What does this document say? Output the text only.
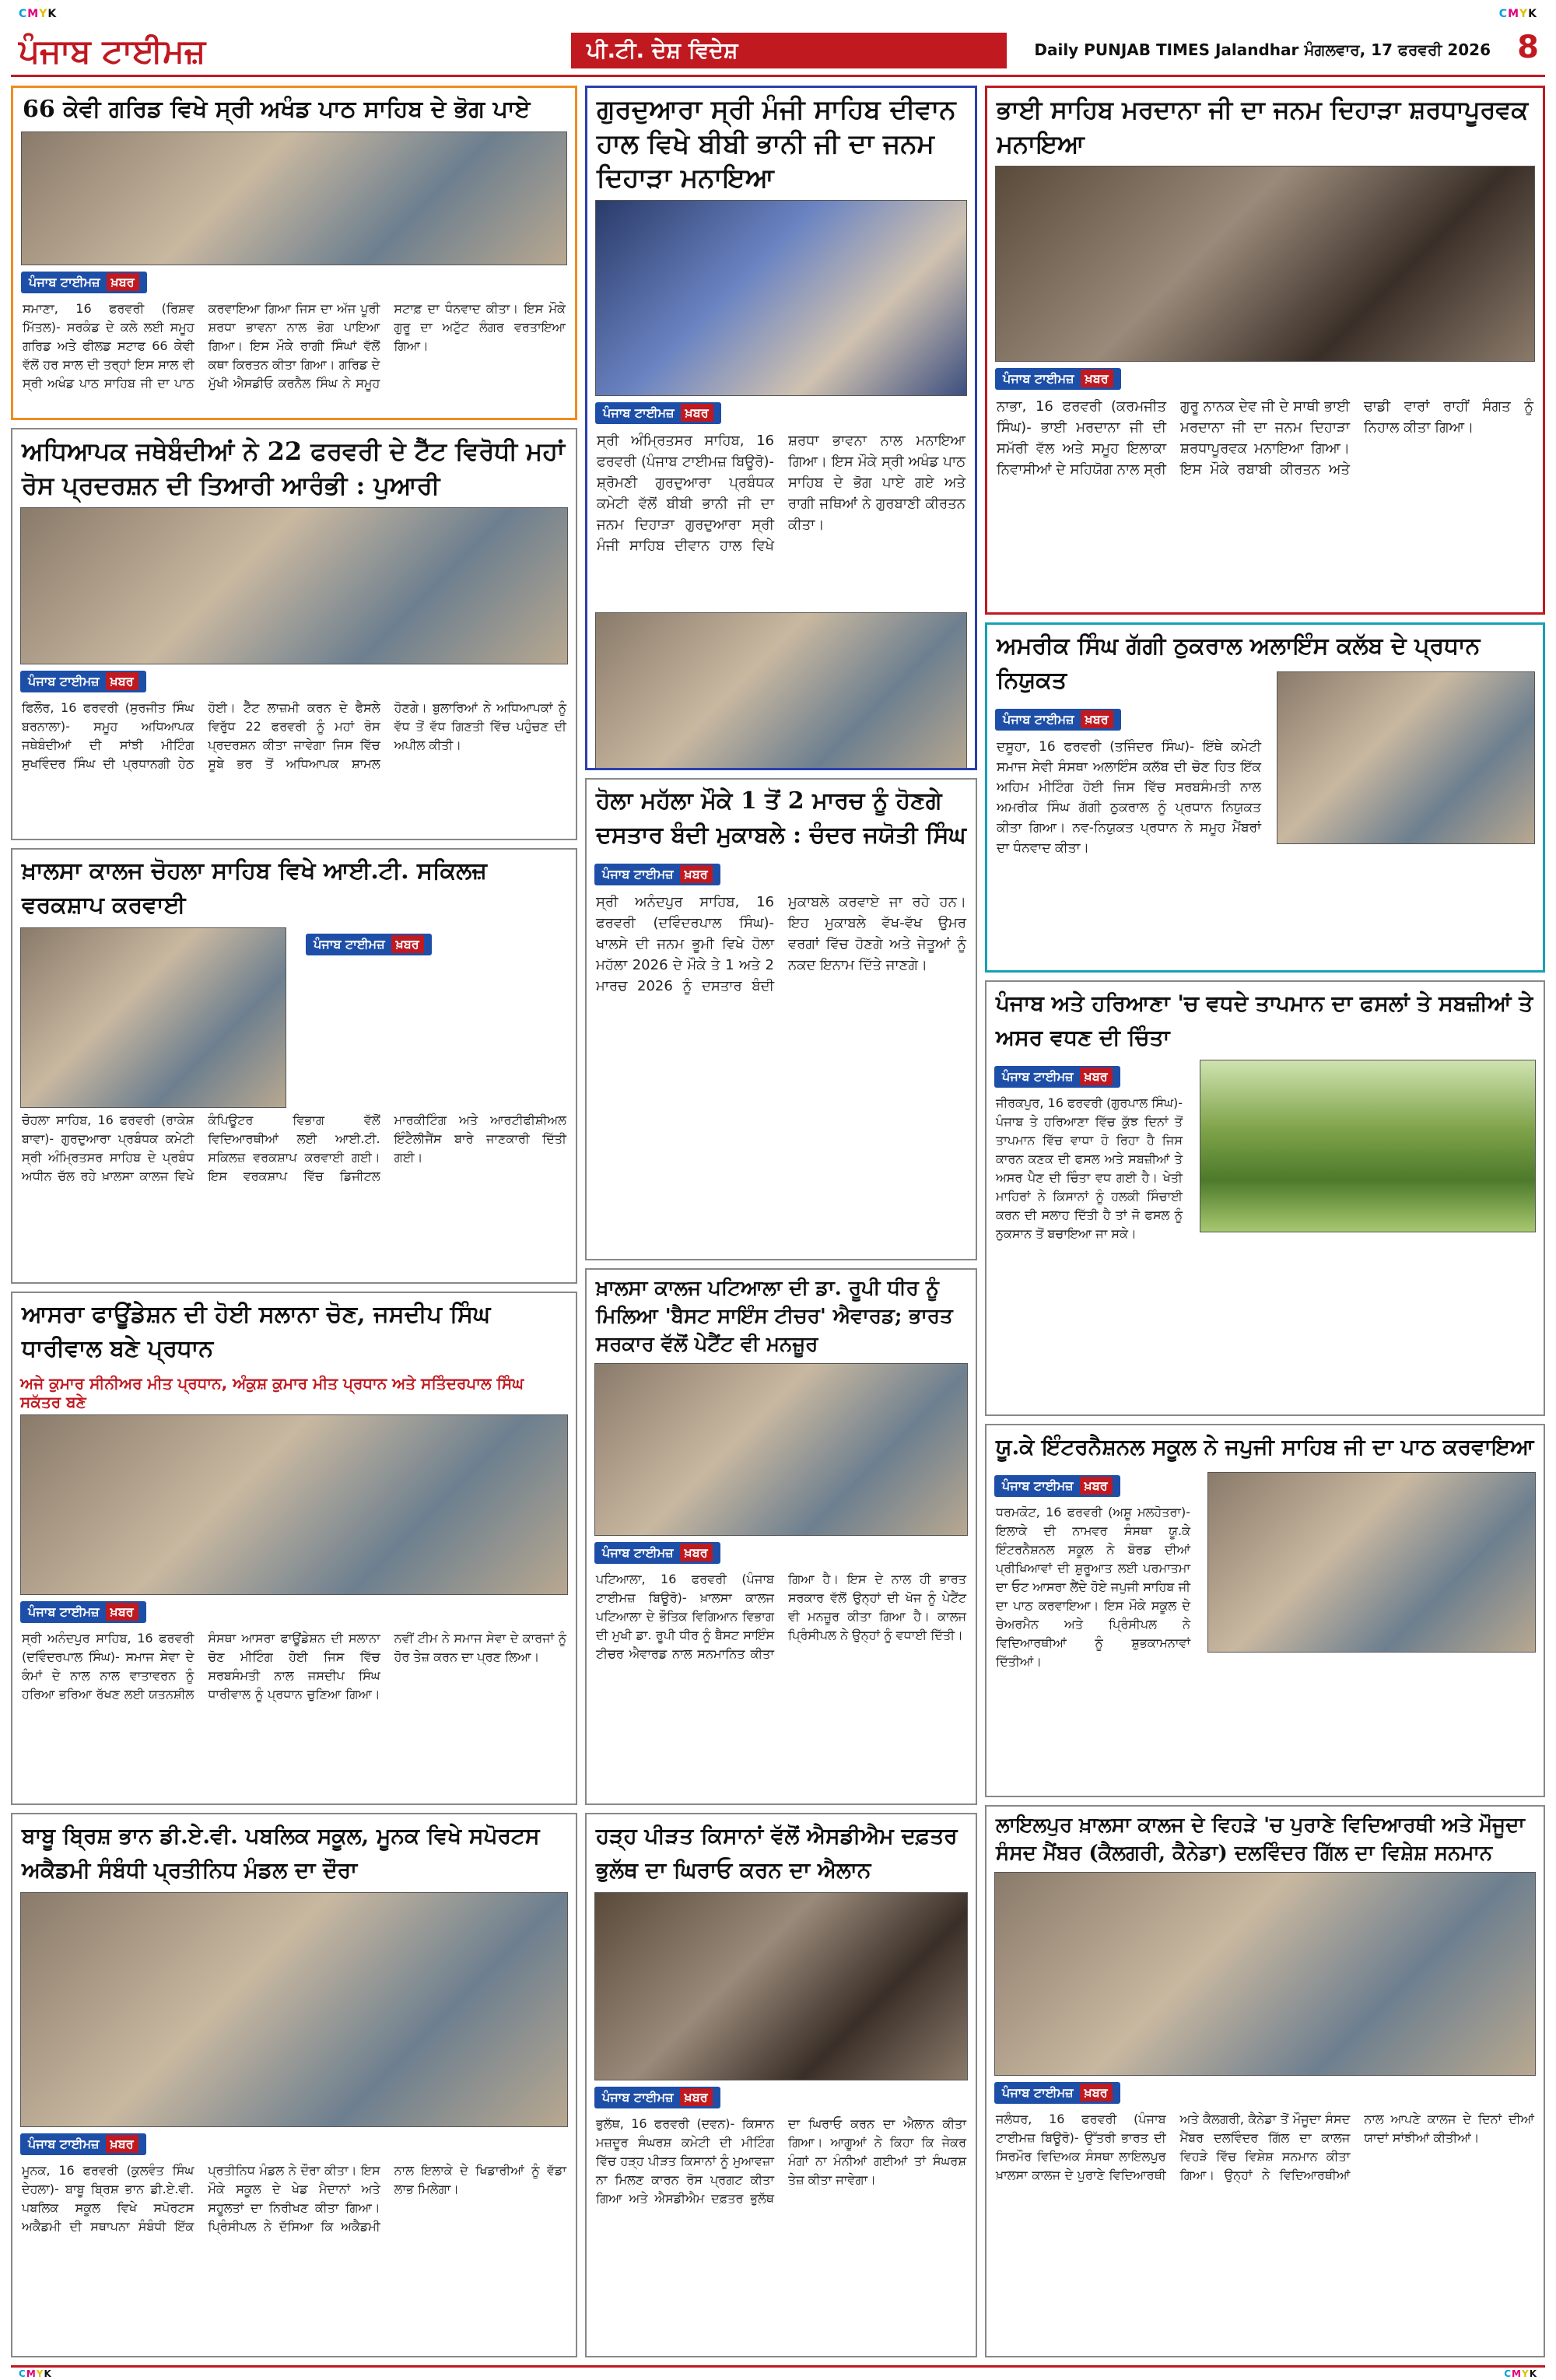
CMYK	CMYK
ਪੰਜਾਬ ਟਾਈਮਜ਼	ਪੀ.ਟੀ. ਦੇਸ਼ ਵਿਦੇਸ਼	Daily PUNJAB TIMES Jalandhar ਮੰਗਲਵਾਰ, 17 ਫਰਵਰੀ 2026 8
66 ਕੇਵੀ ਗਰਿਡ ਵਿਖੇ ਸ੍ਰੀ ਅਖੰਡ ਪਾਠ ਸਾਹਿਬ ਦੇ ਭੋਗ ਪਾਏ
ਪੰਜਾਬ ਟਾਈਮਜ਼ ਖ਼ਬਰ
ਸਮਾਣਾ, 16 ਫਰਵਰੀ (ਰਿਸ਼ਵ ਮਿੱਤਲ)- ਸਰਕੰਡ ਦੇ ਕਲੇ ਲਈ ਸਮੂਹ ਗਰਿਡ ਅਤੇ ਫੀਲਡ ਸਟਾਫ 66 ਕੇਵੀ ਵੱਲੋਂ ਹਰ ਸਾਲ ਦੀ ਤਰ੍ਹਾਂ ਇਸ ਸਾਲ ਵੀ ਸ੍ਰੀ ਅਖੰਡ ਪਾਠ ਸਾਹਿਬ ਜੀ ਦਾ ਪਾਠ ਕਰਵਾਇਆ ਗਿਆ ਜਿਸ ਦਾ ਅੱਜ ਪੂਰੀ ਸ਼ਰਧਾ ਭਾਵਨਾ ਨਾਲ ਭੋਗ ਪਾਇਆ ਗਿਆ। ਇਸ ਮੌਕੇ ਰਾਗੀ ਸਿੰਘਾਂ ਵੱਲੋਂ ਕਥਾ ਕਿਰਤਨ ਕੀਤਾ ਗਿਆ। ਗਰਿਡ ਦੇ ਮੁੱਖੀ ਐਸਡੀਓ ਕਰਨੈਲ ਸਿੰਘ ਨੇ ਸਮੂਹ ਸਟਾਫ਼ ਦਾ ਧੰਨਵਾਦ ਕੀਤਾ। ਇਸ ਮੌਕੇ ਗੁਰੂ ਦਾ ਅਟੁੱਟ ਲੰਗਰ ਵਰਤਾਇਆ ਗਿਆ।
ਗੁਰਦੁਆਰਾ ਸ੍ਰੀ ਮੰਜੀ ਸਾਹਿਬ ਦੀਵਾਨ ਹਾਲ ਵਿਖੇ ਬੀਬੀ ਭਾਨੀ ਜੀ ਦਾ ਜਨਮ ਦਿਹਾੜਾ ਮਨਾਇਆ
ਪੰਜਾਬ ਟਾਈਮਜ਼ ਖ਼ਬਰ
ਸ੍ਰੀ ਅੰਮ੍ਰਿਤਸਰ ਸਾਹਿਬ, 16 ਫਰਵਰੀ (ਪੰਜਾਬ ਟਾਈਮਜ਼ ਬਿਊਰੋ)- ਸ਼੍ਰੋਮਣੀ ਗੁਰਦੁਆਰਾ ਪ੍ਰਬੰਧਕ ਕਮੇਟੀ ਵੱਲੋਂ ਬੀਬੀ ਭਾਨੀ ਜੀ ਦਾ ਜਨਮ ਦਿਹਾੜਾ ਗੁਰਦੁਆਰਾ ਸ੍ਰੀ ਮੰਜੀ ਸਾਹਿਬ ਦੀਵਾਨ ਹਾਲ ਵਿਖੇ ਸ਼ਰਧਾ ਭਾਵਨਾ ਨਾਲ ਮਨਾਇਆ ਗਿਆ। ਇਸ ਮੌਕੇ ਸ੍ਰੀ ਅਖੰਡ ਪਾਠ ਸਾਹਿਬ ਦੇ ਭੋਗ ਪਾਏ ਗਏ ਅਤੇ ਰਾਗੀ ਜਥਿਆਂ ਨੇ ਗੁਰਬਾਣੀ ਕੀਰਤਨ ਕੀਤਾ।
ਭਾਈ ਸਾਹਿਬ ਮਰਦਾਨਾ ਜੀ ਦਾ ਜਨਮ ਦਿਹਾੜਾ ਸ਼ਰਧਾਪੂਰਵਕ ਮਨਾਇਆ
ਪੰਜਾਬ ਟਾਈਮਜ਼ ਖ਼ਬਰ
ਨਾਭਾ, 16 ਫਰਵਰੀ (ਕਰਮਜੀਤ ਸਿੰਘ)- ਭਾਈ ਮਰਦਾਨਾ ਜੀ ਦੀ ਸਮੱਰੀ ਵੱਲ ਅਤੇ ਸਮੂਹ ਇਲਾਕਾ ਨਿਵਾਸੀਆਂ ਦੇ ਸਹਿਯੋਗ ਨਾਲ ਸ੍ਰੀ ਗੁਰੂ ਨਾਨਕ ਦੇਵ ਜੀ ਦੇ ਸਾਥੀ ਭਾਈ ਮਰਦਾਨਾ ਜੀ ਦਾ ਜਨਮ ਦਿਹਾੜਾ ਸ਼ਰਧਾਪੂਰਵਕ ਮਨਾਇਆ ਗਿਆ। ਇਸ ਮੌਕੇ ਰਬਾਬੀ ਕੀਰਤਨ ਅਤੇ ਢਾਡੀ ਵਾਰਾਂ ਰਾਹੀਂ ਸੰਗਤ ਨੂੰ ਨਿਹਾਲ ਕੀਤਾ ਗਿਆ।
ਅਧਿਆਪਕ ਜਥੇਬੰਦੀਆਂ ਨੇ 22 ਫਰਵਰੀ ਦੇ ਟੈੱਟ ਵਿਰੋਧੀ ਮਹਾਂ ਰੋਸ ਪ੍ਰਦਰਸ਼ਨ ਦੀ ਤਿਆਰੀ ਆਰੰਭੀ : ਪੁਆਰੀ
ਪੰਜਾਬ ਟਾਈਮਜ਼ ਖ਼ਬਰ
ਫਿਲੌਰ, 16 ਫਰਵਰੀ (ਸੁਰਜੀਤ ਸਿੰਘ ਬਰਨਾਲਾ)- ਸਮੂਹ ਅਧਿਆਪਕ ਜਥੇਬੰਦੀਆਂ ਦੀ ਸਾਂਝੀ ਮੀਟਿੰਗ ਸੁਖਵਿੰਦਰ ਸਿੰਘ ਦੀ ਪ੍ਰਧਾਨਗੀ ਹੇਠ ਹੋਈ। ਟੈੱਟ ਲਾਜ਼ਮੀ ਕਰਨ ਦੇ ਫੈਸਲੇ ਵਿਰੁੱਧ 22 ਫਰਵਰੀ ਨੂੰ ਮਹਾਂ ਰੋਸ ਪ੍ਰਦਰਸ਼ਨ ਕੀਤਾ ਜਾਵੇਗਾ ਜਿਸ ਵਿੱਚ ਸੂਬੇ ਭਰ ਤੋਂ ਅਧਿਆਪਕ ਸ਼ਾਮਲ ਹੋਣਗੇ। ਬੁਲਾਰਿਆਂ ਨੇ ਅਧਿਆਪਕਾਂ ਨੂੰ ਵੱਧ ਤੋਂ ਵੱਧ ਗਿਣਤੀ ਵਿੱਚ ਪਹੁੰਚਣ ਦੀ ਅਪੀਲ ਕੀਤੀ।
ਅਮਰੀਕ ਸਿੰਘ ਗੱਗੀ ਠੁਕਰਾਲ ਅਲਾਇੰਸ ਕਲੱਬ ਦੇ ਪ੍ਰਧਾਨ ਨਿਯੁਕਤ
ਪੰਜਾਬ ਟਾਈਮਜ਼ ਖ਼ਬਰ
ਦਸੂਹਾ, 16 ਫਰਵਰੀ (ਤਜਿੰਦਰ ਸਿੰਘ)- ਇੱਥੇ ਕਮੇਟੀ ਸਮਾਜ ਸੇਵੀ ਸੰਸਥਾ ਅਲਾਇੰਸ ਕਲੱਬ ਦੀ ਚੋਣ ਹਿਤ ਇੱਕ ਅਹਿਮ ਮੀਟਿੰਗ ਹੋਈ ਜਿਸ ਵਿੱਚ ਸਰਬਸੰਮਤੀ ਨਾਲ ਅਮਰੀਕ ਸਿੰਘ ਗੱਗੀ ਠੁਕਰਾਲ ਨੂੰ ਪ੍ਰਧਾਨ ਨਿਯੁਕਤ ਕੀਤਾ ਗਿਆ। ਨਵ-ਨਿਯੁਕਤ ਪ੍ਰਧਾਨ ਨੇ ਸਮੂਹ ਮੈਂਬਰਾਂ ਦਾ ਧੰਨਵਾਦ ਕੀਤਾ।
ਖ਼ਾਲਸਾ ਕਾਲਜ ਚੋਹਲਾ ਸਾਹਿਬ ਵਿਖੇ ਆਈ.ਟੀ. ਸਕਿਲਜ਼ ਵਰਕਸ਼ਾਪ ਕਰਵਾਈ
ਪੰਜਾਬ ਟਾਈਮਜ਼ ਖ਼ਬਰ
ਚੋਹਲਾ ਸਾਹਿਬ, 16 ਫਰਵਰੀ (ਰਾਕੇਸ਼ ਬਾਵਾ)- ਗੁਰਦੁਆਰਾ ਪ੍ਰਬੰਧਕ ਕਮੇਟੀ ਸ੍ਰੀ ਅੰਮ੍ਰਿਤਸਰ ਸਾਹਿਬ ਦੇ ਪ੍ਰਬੰਧ ਅਧੀਨ ਚੱਲ ਰਹੇ ਖ਼ਾਲਸਾ ਕਾਲਜ ਵਿਖੇ ਕੰਪਿਊਟਰ ਵਿਭਾਗ ਵੱਲੋਂ ਵਿਦਿਆਰਥੀਆਂ ਲਈ ਆਈ.ਟੀ. ਸਕਿਲਜ਼ ਵਰਕਸ਼ਾਪ ਕਰਵਾਈ ਗਈ। ਇਸ ਵਰਕਸ਼ਾਪ ਵਿੱਚ ਡਿਜੀਟਲ ਮਾਰਕੀਟਿੰਗ ਅਤੇ ਆਰਟੀਫੀਸ਼ੀਅਲ ਇੰਟੈਲੀਜੈਂਸ ਬਾਰੇ ਜਾਣਕਾਰੀ ਦਿੱਤੀ ਗਈ।
ਹੋਲਾ ਮਹੱਲਾ ਮੌਕੇ 1 ਤੋਂ 2 ਮਾਰਚ ਨੂੰ ਹੋਣਗੇ ਦਸਤਾਰ ਬੰਦੀ ਮੁਕਾਬਲੇ : ਚੰਦਰ ਜਯੋਤੀ ਸਿੰਘ
ਪੰਜਾਬ ਟਾਈਮਜ਼ ਖ਼ਬਰ
ਸ੍ਰੀ ਅਨੰਦਪੁਰ ਸਾਹਿਬ, 16 ਫਰਵਰੀ (ਦਵਿੰਦਰਪਾਲ ਸਿੰਘ)- ਖਾਲਸੇ ਦੀ ਜਨਮ ਭੂਮੀ ਵਿਖੇ ਹੋਲਾ ਮਹੱਲਾ 2026 ਦੇ ਮੌਕੇ ਤੇ 1 ਅਤੇ 2 ਮਾਰਚ 2026 ਨੂੰ ਦਸਤਾਰ ਬੰਦੀ ਮੁਕਾਬਲੇ ਕਰਵਾਏ ਜਾ ਰਹੇ ਹਨ। ਇਹ ਮੁਕਾਬਲੇ ਵੱਖ-ਵੱਖ ਉਮਰ ਵਰਗਾਂ ਵਿੱਚ ਹੋਣਗੇ ਅਤੇ ਜੇਤੂਆਂ ਨੂੰ ਨਕਦ ਇਨਾਮ ਦਿੱਤੇ ਜਾਣਗੇ।
ਪੰਜਾਬ ਅਤੇ ਹਰਿਆਣਾ 'ਚ ਵਧਦੇ ਤਾਪਮਾਨ ਦਾ ਫਸਲਾਂ ਤੇ ਸਬਜ਼ੀਆਂ ਤੇ ਅਸਰ ਵਧਣ ਦੀ ਚਿੰਤਾ
ਪੰਜਾਬ ਟਾਈਮਜ਼ ਖ਼ਬਰ
ਜੀਰਕਪੁਰ, 16 ਫਰਵਰੀ (ਗੁਰਪਾਲ ਸਿੰਘ)- ਪੰਜਾਬ ਤੇ ਹਰਿਆਣਾ ਵਿੱਚ ਕੁੱਝ ਦਿਨਾਂ ਤੋਂ ਤਾਪਮਾਨ ਵਿੱਚ ਵਾਧਾ ਹੋ ਰਿਹਾ ਹੈ ਜਿਸ ਕਾਰਨ ਕਣਕ ਦੀ ਫਸਲ ਅਤੇ ਸਬਜ਼ੀਆਂ ਤੇ ਅਸਰ ਪੈਣ ਦੀ ਚਿੰਤਾ ਵਧ ਗਈ ਹੈ। ਖੇਤੀ ਮਾਹਿਰਾਂ ਨੇ ਕਿਸਾਨਾਂ ਨੂੰ ਹਲਕੀ ਸਿੰਚਾਈ ਕਰਨ ਦੀ ਸਲਾਹ ਦਿੱਤੀ ਹੈ ਤਾਂ ਜੋ ਫਸਲ ਨੂੰ ਨੁਕਸਾਨ ਤੋਂ ਬਚਾਇਆ ਜਾ ਸਕੇ।
ਆਸਰਾ ਫਾਊਂਡੇਸ਼ਨ ਦੀ ਹੋਈ ਸਲਾਨਾ ਚੋਣ, ਜਸਦੀਪ ਸਿੰਘ ਧਾਰੀਵਾਲ ਬਣੇ ਪ੍ਰਧਾਨ
ਅਜੇ ਕੁਮਾਰ ਸੀਨੀਅਰ ਮੀਤ ਪ੍ਰਧਾਨ, ਅੰਕੁਸ਼ ਕੁਮਾਰ ਮੀਤ ਪ੍ਰਧਾਨ ਅਤੇ ਸਤਿੰਦਰਪਾਲ ਸਿੰਘ ਸਕੱਤਰ ਬਣੇ
ਪੰਜਾਬ ਟਾਈਮਜ਼ ਖ਼ਬਰ
ਸ੍ਰੀ ਅਨੰਦਪੁਰ ਸਾਹਿਬ, 16 ਫਰਵਰੀ (ਦਵਿੰਦਰਪਾਲ ਸਿੰਘ)- ਸਮਾਜ ਸੇਵਾ ਦੇ ਕੰਮਾਂ ਦੇ ਨਾਲ ਨਾਲ ਵਾਤਾਵਰਨ ਨੂੰ ਹਰਿਆ ਭਰਿਆ ਰੱਖਣ ਲਈ ਯਤਨਸ਼ੀਲ ਸੰਸਥਾ ਆਸਰਾ ਫਾਊਂਡੇਸ਼ਨ ਦੀ ਸਲਾਨਾ ਚੋਣ ਮੀਟਿੰਗ ਹੋਈ ਜਿਸ ਵਿੱਚ ਸਰਬਸੰਮਤੀ ਨਾਲ ਜਸਦੀਪ ਸਿੰਘ ਧਾਰੀਵਾਲ ਨੂੰ ਪ੍ਰਧਾਨ ਚੁਣਿਆ ਗਿਆ। ਨਵੀਂ ਟੀਮ ਨੇ ਸਮਾਜ ਸੇਵਾ ਦੇ ਕਾਰਜਾਂ ਨੂੰ ਹੋਰ ਤੇਜ਼ ਕਰਨ ਦਾ ਪ੍ਰਣ ਲਿਆ।
ਖ਼ਾਲਸਾ ਕਾਲਜ ਪਟਿਆਲਾ ਦੀ ਡਾ. ਰੂਪੀ ਧੀਰ ਨੂੰ ਮਿਲਿਆ 'ਬੈਸਟ ਸਾਇੰਸ ਟੀਚਰ' ਐਵਾਰਡ; ਭਾਰਤ ਸਰਕਾਰ ਵੱਲੋਂ ਪੇਟੈਂਟ ਵੀ ਮਨਜ਼ੂਰ
ਪੰਜਾਬ ਟਾਈਮਜ਼ ਖ਼ਬਰ
ਪਟਿਆਲਾ, 16 ਫਰਵਰੀ (ਪੰਜਾਬ ਟਾਈਮਜ਼ ਬਿਊਰੋ)- ਖ਼ਾਲਸਾ ਕਾਲਜ ਪਟਿਆਲਾ ਦੇ ਭੌਤਿਕ ਵਿਗਿਆਨ ਵਿਭਾਗ ਦੀ ਮੁਖੀ ਡਾ. ਰੂਪੀ ਧੀਰ ਨੂੰ ਬੈਸਟ ਸਾਇੰਸ ਟੀਚਰ ਐਵਾਰਡ ਨਾਲ ਸਨਮਾਨਿਤ ਕੀਤਾ ਗਿਆ ਹੈ। ਇਸ ਦੇ ਨਾਲ ਹੀ ਭਾਰਤ ਸਰਕਾਰ ਵੱਲੋਂ ਉਨ੍ਹਾਂ ਦੀ ਖੋਜ ਨੂੰ ਪੇਟੈਂਟ ਵੀ ਮਨਜ਼ੂਰ ਕੀਤਾ ਗਿਆ ਹੈ। ਕਾਲਜ ਪ੍ਰਿੰਸੀਪਲ ਨੇ ਉਨ੍ਹਾਂ ਨੂੰ ਵਧਾਈ ਦਿੱਤੀ।
ਯੂ.ਕੇ ਇੰਟਰਨੈਸ਼ਨਲ ਸਕੂਲ ਨੇ ਜਪੁਜੀ ਸਾਹਿਬ ਜੀ ਦਾ ਪਾਠ ਕਰਵਾਇਆ
ਪੰਜਾਬ ਟਾਈਮਜ਼ ਖ਼ਬਰ
ਧਰਮਕੋਟ, 16 ਫਰਵਰੀ (ਅਸ਼ੂ ਮਲਹੋਤਰਾ)- ਇਲਾਕੇ ਦੀ ਨਾਮਵਰ ਸੰਸਥਾ ਯੂ.ਕੇ ਇੰਟਰਨੈਸ਼ਨਲ ਸਕੂਲ ਨੇ ਬੋਰਡ ਦੀਆਂ ਪ੍ਰੀਖਿਆਵਾਂ ਦੀ ਸ਼ੁਰੂਆਤ ਲਈ ਪਰਮਾਤਮਾ ਦਾ ਓਟ ਆਸਰਾ ਲੈਂਦੇ ਹੋਏ ਜਪੁਜੀ ਸਾਹਿਬ ਜੀ ਦਾ ਪਾਠ ਕਰਵਾਇਆ। ਇਸ ਮੌਕੇ ਸਕੂਲ ਦੇ ਚੇਅਰਮੈਨ ਅਤੇ ਪ੍ਰਿੰਸੀਪਲ ਨੇ ਵਿਦਿਆਰਥੀਆਂ ਨੂੰ ਸ਼ੁਭਕਾਮਨਾਵਾਂ ਦਿੱਤੀਆਂ।
ਬਾਬੂ ਬ੍ਰਿਸ਼ ਭਾਨ ਡੀ.ਏ.ਵੀ. ਪਬਲਿਕ ਸਕੂਲ, ਮੂਨਕ ਵਿਖੇ ਸਪੋਰਟਸ ਅਕੈਡਮੀ ਸੰਬੰਧੀ ਪ੍ਰਤੀਨਿਧ ਮੰਡਲ ਦਾ ਦੌਰਾ
ਪੰਜਾਬ ਟਾਈਮਜ਼ ਖ਼ਬਰ
ਮੂਨਕ, 16 ਫਰਵਰੀ (ਕੁਲਵੰਤ ਸਿੰਘ ਦੇਹਲਾ)- ਬਾਬੂ ਬ੍ਰਿਸ਼ ਭਾਨ ਡੀ.ਏ.ਵੀ. ਪਬਲਿਕ ਸਕੂਲ ਵਿਖੇ ਸਪੋਰਟਸ ਅਕੈਡਮੀ ਦੀ ਸਥਾਪਨਾ ਸੰਬੰਧੀ ਇੱਕ ਪ੍ਰਤੀਨਿਧ ਮੰਡਲ ਨੇ ਦੌਰਾ ਕੀਤਾ। ਇਸ ਮੌਕੇ ਸਕੂਲ ਦੇ ਖੇਡ ਮੈਦਾਨਾਂ ਅਤੇ ਸਹੂਲਤਾਂ ਦਾ ਨਿਰੀਖਣ ਕੀਤਾ ਗਿਆ। ਪ੍ਰਿੰਸੀਪਲ ਨੇ ਦੱਸਿਆ ਕਿ ਅਕੈਡਮੀ ਨਾਲ ਇਲਾਕੇ ਦੇ ਖਿਡਾਰੀਆਂ ਨੂੰ ਵੱਡਾ ਲਾਭ ਮਿਲੇਗਾ।
ਹੜ੍ਹ ਪੀੜਤ ਕਿਸਾਨਾਂ ਵੱਲੋਂ ਐਸਡੀਐਮ ਦਫ਼ਤਰ ਭੁਲੱਥ ਦਾ ਘਿਰਾਓ ਕਰਨ ਦਾ ਐਲਾਨ
ਪੰਜਾਬ ਟਾਈਮਜ਼ ਖ਼ਬਰ
ਭੁਲੱਥ, 16 ਫਰਵਰੀ (ਦਵਨ)- ਕਿਸਾਨ ਮਜ਼ਦੂਰ ਸੰਘਰਸ਼ ਕਮੇਟੀ ਦੀ ਮੀਟਿੰਗ ਵਿੱਚ ਹੜ੍ਹ ਪੀੜਤ ਕਿਸਾਨਾਂ ਨੂੰ ਮੁਆਵਜ਼ਾ ਨਾ ਮਿਲਣ ਕਾਰਨ ਰੋਸ ਪ੍ਰਗਟ ਕੀਤਾ ਗਿਆ ਅਤੇ ਐਸਡੀਐਮ ਦਫ਼ਤਰ ਭੁਲੱਥ ਦਾ ਘਿਰਾਓ ਕਰਨ ਦਾ ਐਲਾਨ ਕੀਤਾ ਗਿਆ। ਆਗੂਆਂ ਨੇ ਕਿਹਾ ਕਿ ਜੇਕਰ ਮੰਗਾਂ ਨਾ ਮੰਨੀਆਂ ਗਈਆਂ ਤਾਂ ਸੰਘਰਸ਼ ਤੇਜ਼ ਕੀਤਾ ਜਾਵੇਗਾ।
ਲਾਇਲਪੁਰ ਖ਼ਾਲਸਾ ਕਾਲਜ ਦੇ ਵਿਹੜੇ 'ਚ ਪੁਰਾਣੇ ਵਿਦਿਆਰਥੀ ਅਤੇ ਮੌਜੂਦਾ ਸੰਸਦ ਮੈਂਬਰ (ਕੈਲਗਰੀ, ਕੈਨੇਡਾ) ਦਲਵਿੰਦਰ ਗਿੱਲ ਦਾ ਵਿਸ਼ੇਸ਼ ਸਨਮਾਨ
ਪੰਜਾਬ ਟਾਈਮਜ਼ ਖ਼ਬਰ
ਜਲੰਧਰ, 16 ਫਰਵਰੀ (ਪੰਜਾਬ ਟਾਈਮਜ਼ ਬਿਊਰੋ)- ਉੱਤਰੀ ਭਾਰਤ ਦੀ ਸਿਰਮੌਰ ਵਿਦਿਅਕ ਸੰਸਥਾ ਲਾਇਲਪੁਰ ਖ਼ਾਲਸਾ ਕਾਲਜ ਦੇ ਪੁਰਾਣੇ ਵਿਦਿਆਰਥੀ ਅਤੇ ਕੈਲਗਰੀ, ਕੈਨੇਡਾ ਤੋਂ ਮੌਜੂਦਾ ਸੰਸਦ ਮੈਂਬਰ ਦਲਵਿੰਦਰ ਗਿੱਲ ਦਾ ਕਾਲਜ ਵਿਹੜੇ ਵਿੱਚ ਵਿਸ਼ੇਸ਼ ਸਨਮਾਨ ਕੀਤਾ ਗਿਆ। ਉਨ੍ਹਾਂ ਨੇ ਵਿਦਿਆਰਥੀਆਂ ਨਾਲ ਆਪਣੇ ਕਾਲਜ ਦੇ ਦਿਨਾਂ ਦੀਆਂ ਯਾਦਾਂ ਸਾਂਝੀਆਂ ਕੀਤੀਆਂ।
CMYK	CMYK
